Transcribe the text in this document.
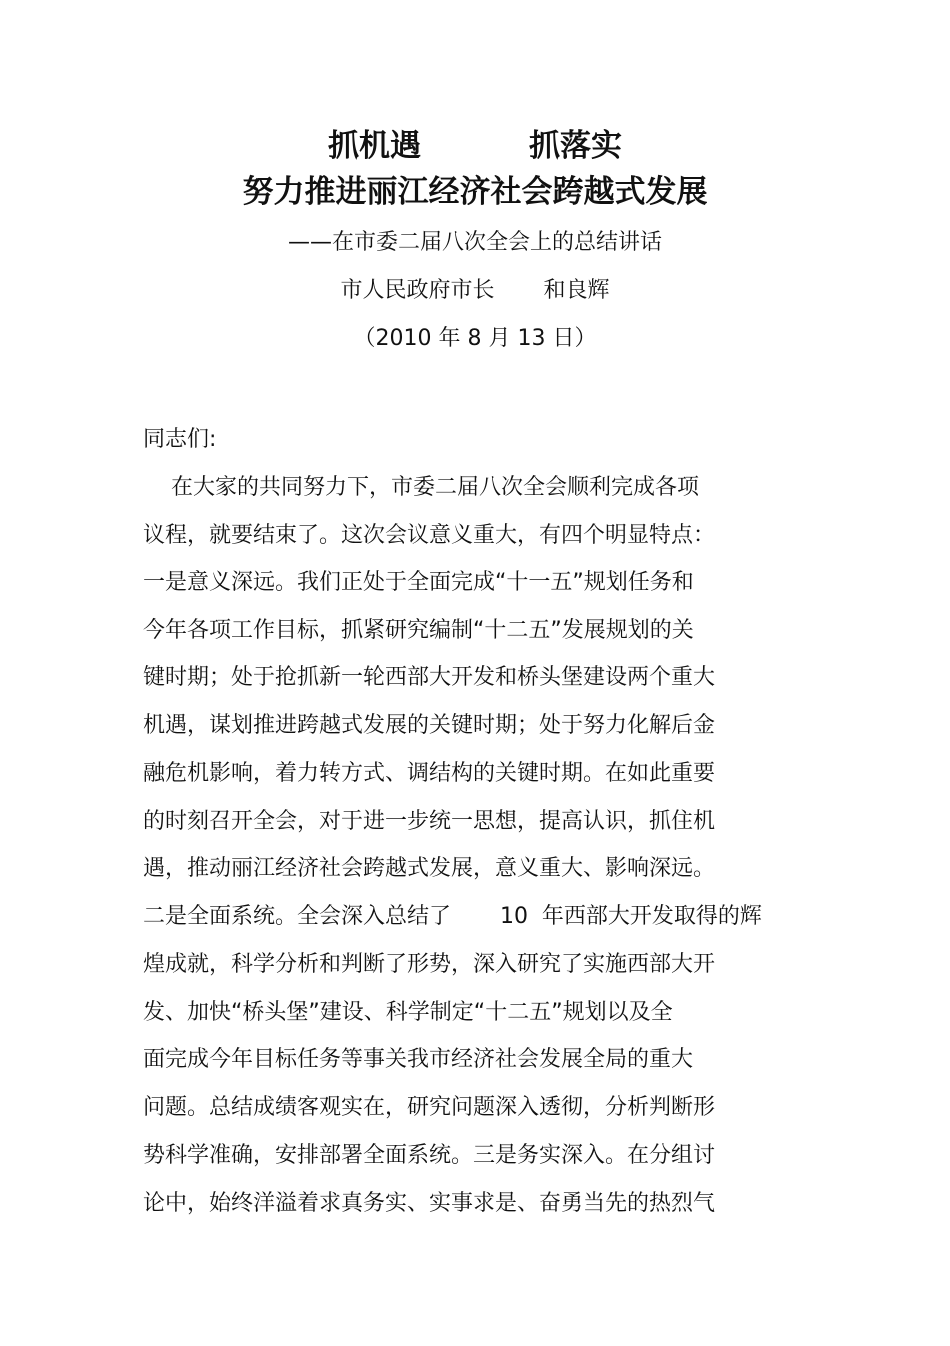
抓机遇          抓落实
努力推进丽江经济社会跨越式发展
——在市委二届八次全会上的总结讲话
市人民政府市长       和良辉
（2010 年 8 月 13 日）
同志们:
在大家的共同努力下，市委二届八次全会顺利完成各项
议程，就要结束了。这次会议意义重大，有四个明显特点：
一是意义深远。我们正处于全面完成“十一五”规划任务和
今年各项工作目标，抓紧研究编制“十二五”发展规划的关
键时期；处于抢抓新一轮西部大开发和桥头堡建设两个重大
机遇，谋划推进跨越式发展的关键时期；处于努力化解后金
融危机影响，着力转方式、调结构的关键时期。在如此重要
的时刻召开全会，对于进一步统一思想，提高认识，抓住机
遇，推动丽江经济社会跨越式发展，意义重大、影响深远。
二是全面系统。全会深入总结了       10  年西部大开发取得的辉
煌成就，科学分析和判断了形势，深入研究了实施西部大开
发、加快“桥头堡”建设、科学制定“十二五”规划以及全
面完成今年目标任务等事关我市经济社会发展全局的重大
问题。总结成绩客观实在，研究问题深入透彻，分析判断形
势科学准确，安排部署全面系统。三是务实深入。在分组讨
论中，始终洋溢着求真务实、实事求是、奋勇当先的热烈气
